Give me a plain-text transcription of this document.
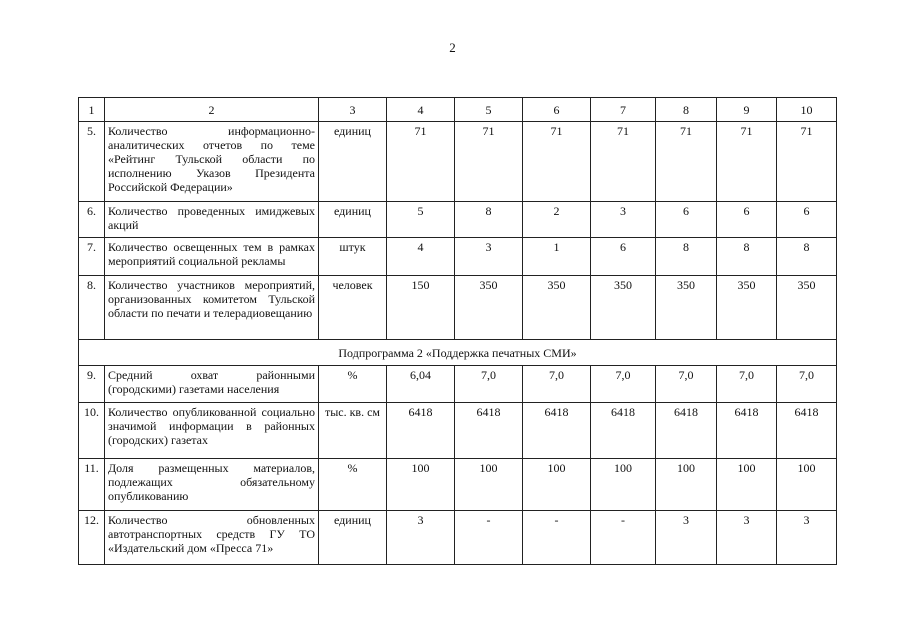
2
1	2	3	4	5	6	7	8	9	10
5.	Количество информационно-аналитических отчетов по теме «Рейтинг Тульской области по исполнению Указов Президента Российской Федерации»	единиц	71	71	71	71	71	71	71
6.	Количество проведенных имиджевых акций	единиц	5	8	2	3	6	6	6
7.	Количество освещенных тем в рамках мероприятий социальной рекламы	штук	4	3	1	6	8	8	8
8.	Количество участников мероприятий, организованных комитетом Тульской области по печати и телерадиовещанию	человек	150	350	350	350	350	350	350
Подпрограмма 2 «Поддержка печатных СМИ»									
9.	Средний охват районными (городскими) газетами населения	%	6,04	7,0	7,0	7,0	7,0	7,0	7,0
10.	Количество опубликованной социально значимой информации в районных (городских) газетах	тыс. кв. см	6418	6418	6418	6418	6418	6418	6418
11.	Доля размещенных материалов, подлежащих обязательному опубликованию	%	100	100	100	100	100	100	100
12.	Количество обновленных автотранспортных средств ГУ ТО «Издательский дом «Пресса 71»	единиц	3	-	-	-	3	3	3
